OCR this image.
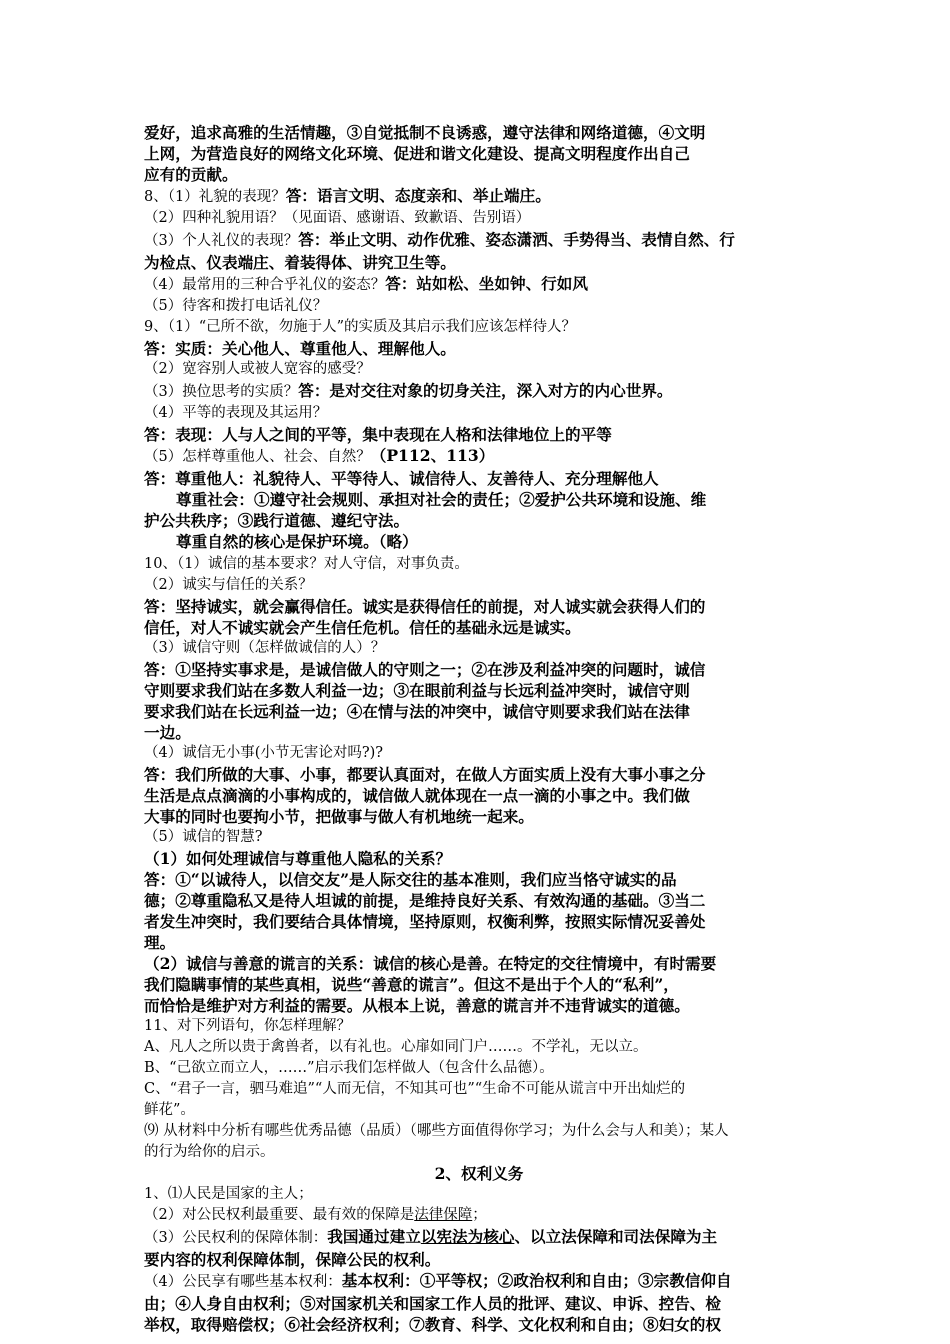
爱好，追求高雅的生活情趣，③自觉抵制不良诱惑，遵守法律和网络道德，④文明
上网，为营造良好的网络文化环境、促进和谐文化建设、提高文明程度作出自己
应有的贡献。
8、（1）礼貌的表现？答：语言文明、态度亲和、举止端庄。
（2）四种礼貌用语？（见面语、感谢语、致歉语、告别语）
（3）个人礼仪的表现？答：举止文明、动作优雅、姿态潇洒、手势得当、表情自然、行
为检点、仪表端庄、着装得体、讲究卫生等。
（4）最常用的三种合乎礼仪的姿态？答：站如松、坐如钟、行如风
（5）待客和拨打电话礼仪？
9、（1）“己所不欲，勿施于人”的实质及其启示我们应该怎样待人？
答：实质：关心他人、尊重他人、理解他人。
（2）宽容别人或被人宽容的感受？
（3）换位思考的实质？答：是对交往对象的切身关注，深入对方的内心世界。
（4）平等的表现及其运用？
答：表现：人与人之间的平等，集中表现在人格和法律地位上的平等
（5）怎样尊重他人、社会、自然？（P112、113）
答：尊重他人：礼貌待人、平等待人、诚信待人、友善待人、充分理解他人
尊重社会：①遵守社会规则、承担对社会的责任；②爱护公共环境和设施、维
护公共秩序；③践行道德、遵纪守法。
尊重自然的核心是保护环境。（略）
10、（1）诚信的基本要求？对人守信，对事负责。
（2）诚实与信任的关系？
答：坚持诚实，就会赢得信任。诚实是获得信任的前提，对人诚实就会获得人们的
信任，对人不诚实就会产生信任危机。信任的基础永远是诚实。
（3）诚信守则（怎样做诚信的人）？
答：①坚持实事求是，是诚信做人的守则之一；②在涉及利益冲突的问题时，诚信
守则要求我们站在多数人利益一边；③在眼前利益与长远利益冲突时，诚信守则
要求我们站在长远利益一边；④在情与法的冲突中，诚信守则要求我们站在法律
一边。
（4）诚信无小事(小节无害论对吗?)?
答：我们所做的大事、小事，都要认真面对，在做人方面实质上没有大事小事之分
生活是点点滴滴的小事构成的，诚信做人就体现在一点一滴的小事之中。我们做
大事的同时也要拘小节，把做事与做人有机地统一起来。
（5）诚信的智慧?
（1）如何处理诚信与尊重他人隐私的关系？
答：①“以诚待人，以信交友”是人际交往的基本准则，我们应当恪守诚实的品
德；②尊重隐私又是待人坦诚的前提，是维持良好关系、有效沟通的基础。③当二
者发生冲突时，我们要结合具体情境，坚持原则，权衡利弊，按照实际情况妥善处
理。
（2）诚信与善意的谎言的关系：诚信的核心是善。在特定的交往情境中，有时需要
我们隐瞒事情的某些真相，说些“善意的谎言”。但这不是出于个人的“私利”，
而恰恰是维护对方利益的需要。从根本上说，善意的谎言并不违背诚实的道德。
11、对下列语句，你怎样理解？
A、凡人之所以贵于禽兽者，以有礼也。心扉如同门户……。不学礼，无以立。
B、“己欲立而立人，……”启示我们怎样做人（包含什么品德）。
C、“君子一言，驷马难追”“人而无信，不知其可也”“生命不可能从谎言中开出灿烂的
鲜花”。
⑼ 从材料中分析有哪些优秀品德（品质）（哪些方面值得你学习；为什么会与人和美）；某人
的行为给你的启示。
2、权利义务
1、⑴人民是国家的主人；
（2）对公民权利最重要、最有效的保障是法律保障；
（3）公民权利的保障体制：我国通过建立以宪法为核心、以立法保障和司法保障为主
要内容的权利保障体制，保障公民的权利。
（4）公民享有哪些基本权利：基本权利：①平等权；②政治权利和自由；③宗教信仰自
由；④人身自由权利；⑤对国家机关和国家工作人员的批评、建议、申诉、控告、检
举权，取得赔偿权；⑥社会经济权利；⑦教育、科学、文化权利和自由；⑧妇女的权
